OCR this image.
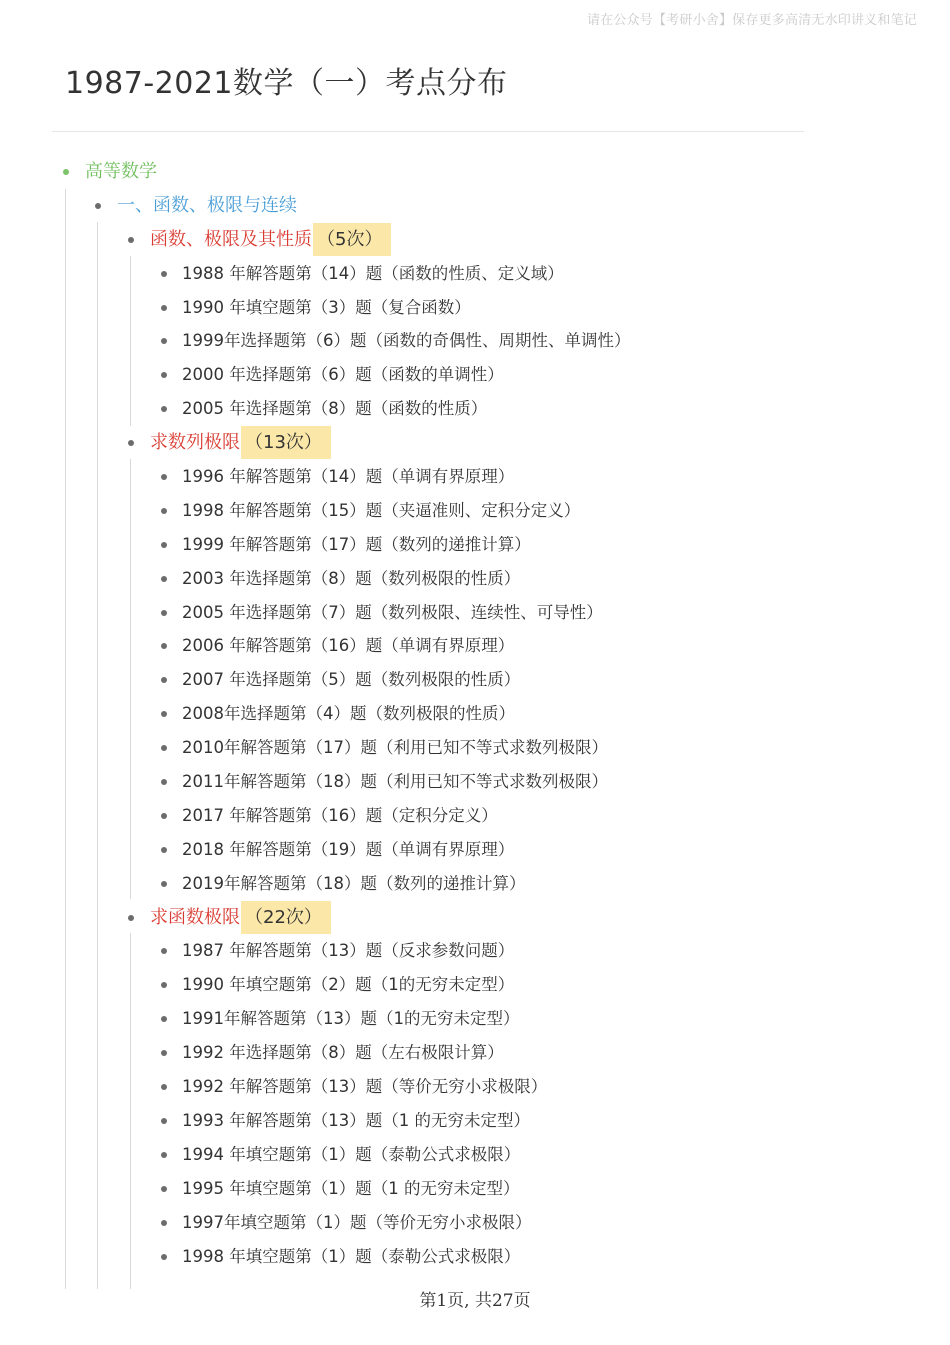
请在公众号【考研小舍】保存更多高清无水印讲义和笔记
1987-2021数学（一）考点分布
高等数学
一、函数、极限与连续
函数、极限及其性质 （5次）
1988 年解答题第（14）题（函数的性质、定义域）
1990 年填空题第（3）题（复合函数）
1999年选择题第（6）题（函数的奇偶性、周期性、单调性）
2000 年选择题第（6）题（函数的单调性）
2005 年选择题第（8）题（函数的性质）
求数列极限 （13次）
1996 年解答题第（14）题（单调有界原理）
1998 年解答题第（15）题（夹逼准则、定积分定义）
1999 年解答题第（17）题（数列的递推计算）
2003 年选择题第（8）题（数列极限的性质）
2005 年选择题第（7）题（数列极限、连续性、可导性）
2006 年解答题第（16）题（单调有界原理）
2007 年选择题第（5）题（数列极限的性质）
2008年选择题第（4）题（数列极限的性质）
2010年解答题第（17）题（利用已知不等式求数列极限）
2011年解答题第（18）题（利用已知不等式求数列极限）
2017 年解答题第（16）题（定积分定义）
2018 年解答题第（19）题（单调有界原理）
2019年解答题第（18）题（数列的递推计算）
求函数极限 （22次）
1987 年解答题第（13）题（反求参数问题）
1990 年填空题第（2）题（1的无穷未定型）
1991年解答题第（13）题（1的无穷未定型）
1992 年选择题第（8）题（左右极限计算）
1992 年解答题第（13）题（等价无穷小求极限）
1993 年解答题第（13）题（1 的无穷未定型）
1994 年填空题第（1）题（泰勒公式求极限）
1995 年填空题第（1）题（1 的无穷未定型）
1997年填空题第（1）题（等价无穷小求极限）
1998 年填空题第（1）题（泰勒公式求极限）
第1页, 共27页
